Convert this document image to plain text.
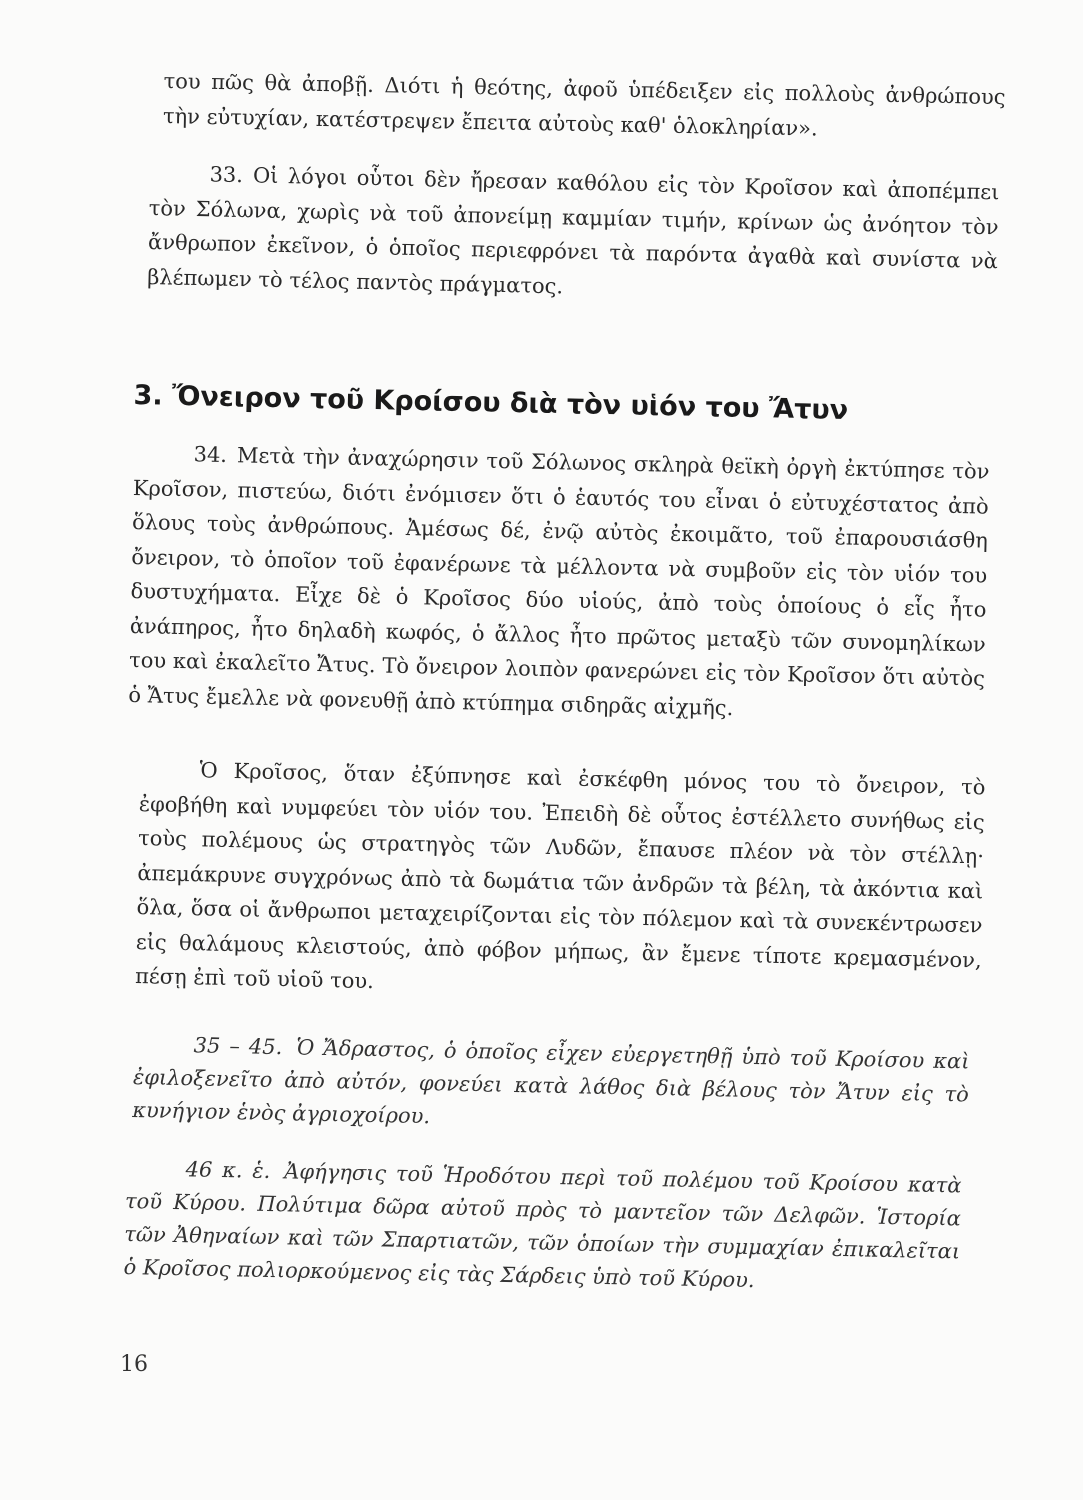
του πῶς θὰ ἀποβῇ. Διότι ἡ θεότης, ἀφοῦ ὑπέδειξεν εἰς πολλοὺς ἀνθρώπους τὴν εὐτυχίαν, κατέστρεψεν ἔπειτα αὐτοὺς καθ' ὁλοκληρίαν».

33. Οἱ λόγοι οὗτοι δὲν ἤρεσαν καθόλου εἰς τὸν Κροῖσον καὶ ἀποπέμπει τὸν Σόλωνα, χωρὶς νὰ τοῦ ἀπονείμῃ καμμίαν τιμήν, κρίνων ὡς ἀνόητον τὸν ἄνθρωπον ἐκεῖνον, ὁ ὁποῖος περιεφρόνει τὰ παρόντα ἀγαθὰ καὶ συνίστα νὰ βλέπωμεν τὸ τέλος παντὸς πράγματος.

3. Ὄνειρον τοῦ Κροίσου διὰ τὸν υἱόν του Ἄτυν

34. Μετὰ τὴν ἀναχώρησιν τοῦ Σόλωνος σκληρὰ θεϊκὴ ὀργὴ ἐκτύπησε τὸν Κροῖσον, πιστεύω, διότι ἐνόμισεν ὅτι ὁ ἑαυτός του εἶναι ὁ εὐτυχέστατος ἀπὸ ὅλους τοὺς ἀνθρώπους. Ἀμέσως δέ, ἐνῷ αὐτὸς ἐκοιμᾶτο, τοῦ ἐπαρουσιάσθη ὄνειρον, τὸ ὁποῖον τοῦ ἐφανέρωνε τὰ μέλλοντα νὰ συμβοῦν εἰς τὸν υἱόν του δυστυχήματα. Εἶχε δὲ ὁ Κροῖσος δύο υἱούς, ἀπὸ τοὺς ὁποίους ὁ εἷς ἦτο ἀνάπηρος, ἦτο δηλαδὴ κωφός, ὁ ἄλλος ἦτο πρῶτος μεταξὺ τῶν συνομηλίκων του καὶ ἐκαλεῖτο Ἄτυς. Τὸ ὄνειρον λοιπὸν φανερώνει εἰς τὸν Κροῖσον ὅτι αὐτὸς ὁ Ἄτυς ἔμελλε νὰ φονευθῇ ἀπὸ κτύπημα σιδηρᾶς αἰχμῆς.

Ὁ Κροῖσος, ὅταν ἐξύπνησε καὶ ἐσκέφθη μόνος του τὸ ὄνειρον, τὸ ἐφοβήθη καὶ νυμφεύει τὸν υἱόν του. Ἐπειδὴ δὲ οὗτος ἐστέλλετο συνήθως εἰς τοὺς πολέμους ὡς στρατηγὸς τῶν Λυδῶν, ἔπαυσε πλέον νὰ τὸν στέλλῃ· ἀπεμάκρυνε συγχρόνως ἀπὸ τὰ δωμάτια τῶν ἀνδρῶν τὰ βέλη, τὰ ἀκόντια καὶ ὅλα, ὅσα οἱ ἄνθρωποι μεταχειρίζονται εἰς τὸν πόλεμον καὶ τὰ συνεκέντρωσεν εἰς θαλάμους κλειστούς, ἀπὸ φόβον μήπως, ἂν ἔμενε τίποτε κρεμασμένον, πέσῃ ἐπὶ τοῦ υἱοῦ του.

35 – 45. Ὁ Ἄδραστος, ὁ ὁποῖος εἶχεν εὐεργετηθῇ ὑπὸ τοῦ Κροίσου καὶ ἐφιλοξενεῖτο ἀπὸ αὐτόν, φονεύει κατὰ λάθος διὰ βέλους τὸν Ἄτυν εἰς τὸ κυνήγιον ἑνὸς ἀγριοχοίρου.

46 κ. ἑ. Ἀφήγησις τοῦ Ἡροδότου περὶ τοῦ πολέμου τοῦ Κροίσου κατὰ τοῦ Κύρου. Πολύτιμα δῶρα αὐτοῦ πρὸς τὸ μαντεῖον τῶν Δελφῶν. Ἱστορία τῶν Ἀθηναίων καὶ τῶν Σπαρτιατῶν, τῶν ὁποίων τὴν συμμαχίαν ἐπικαλεῖται ὁ Κροῖσος πολιορκούμενος εἰς τὰς Σάρδεις ὑπὸ τοῦ Κύρου.

16
